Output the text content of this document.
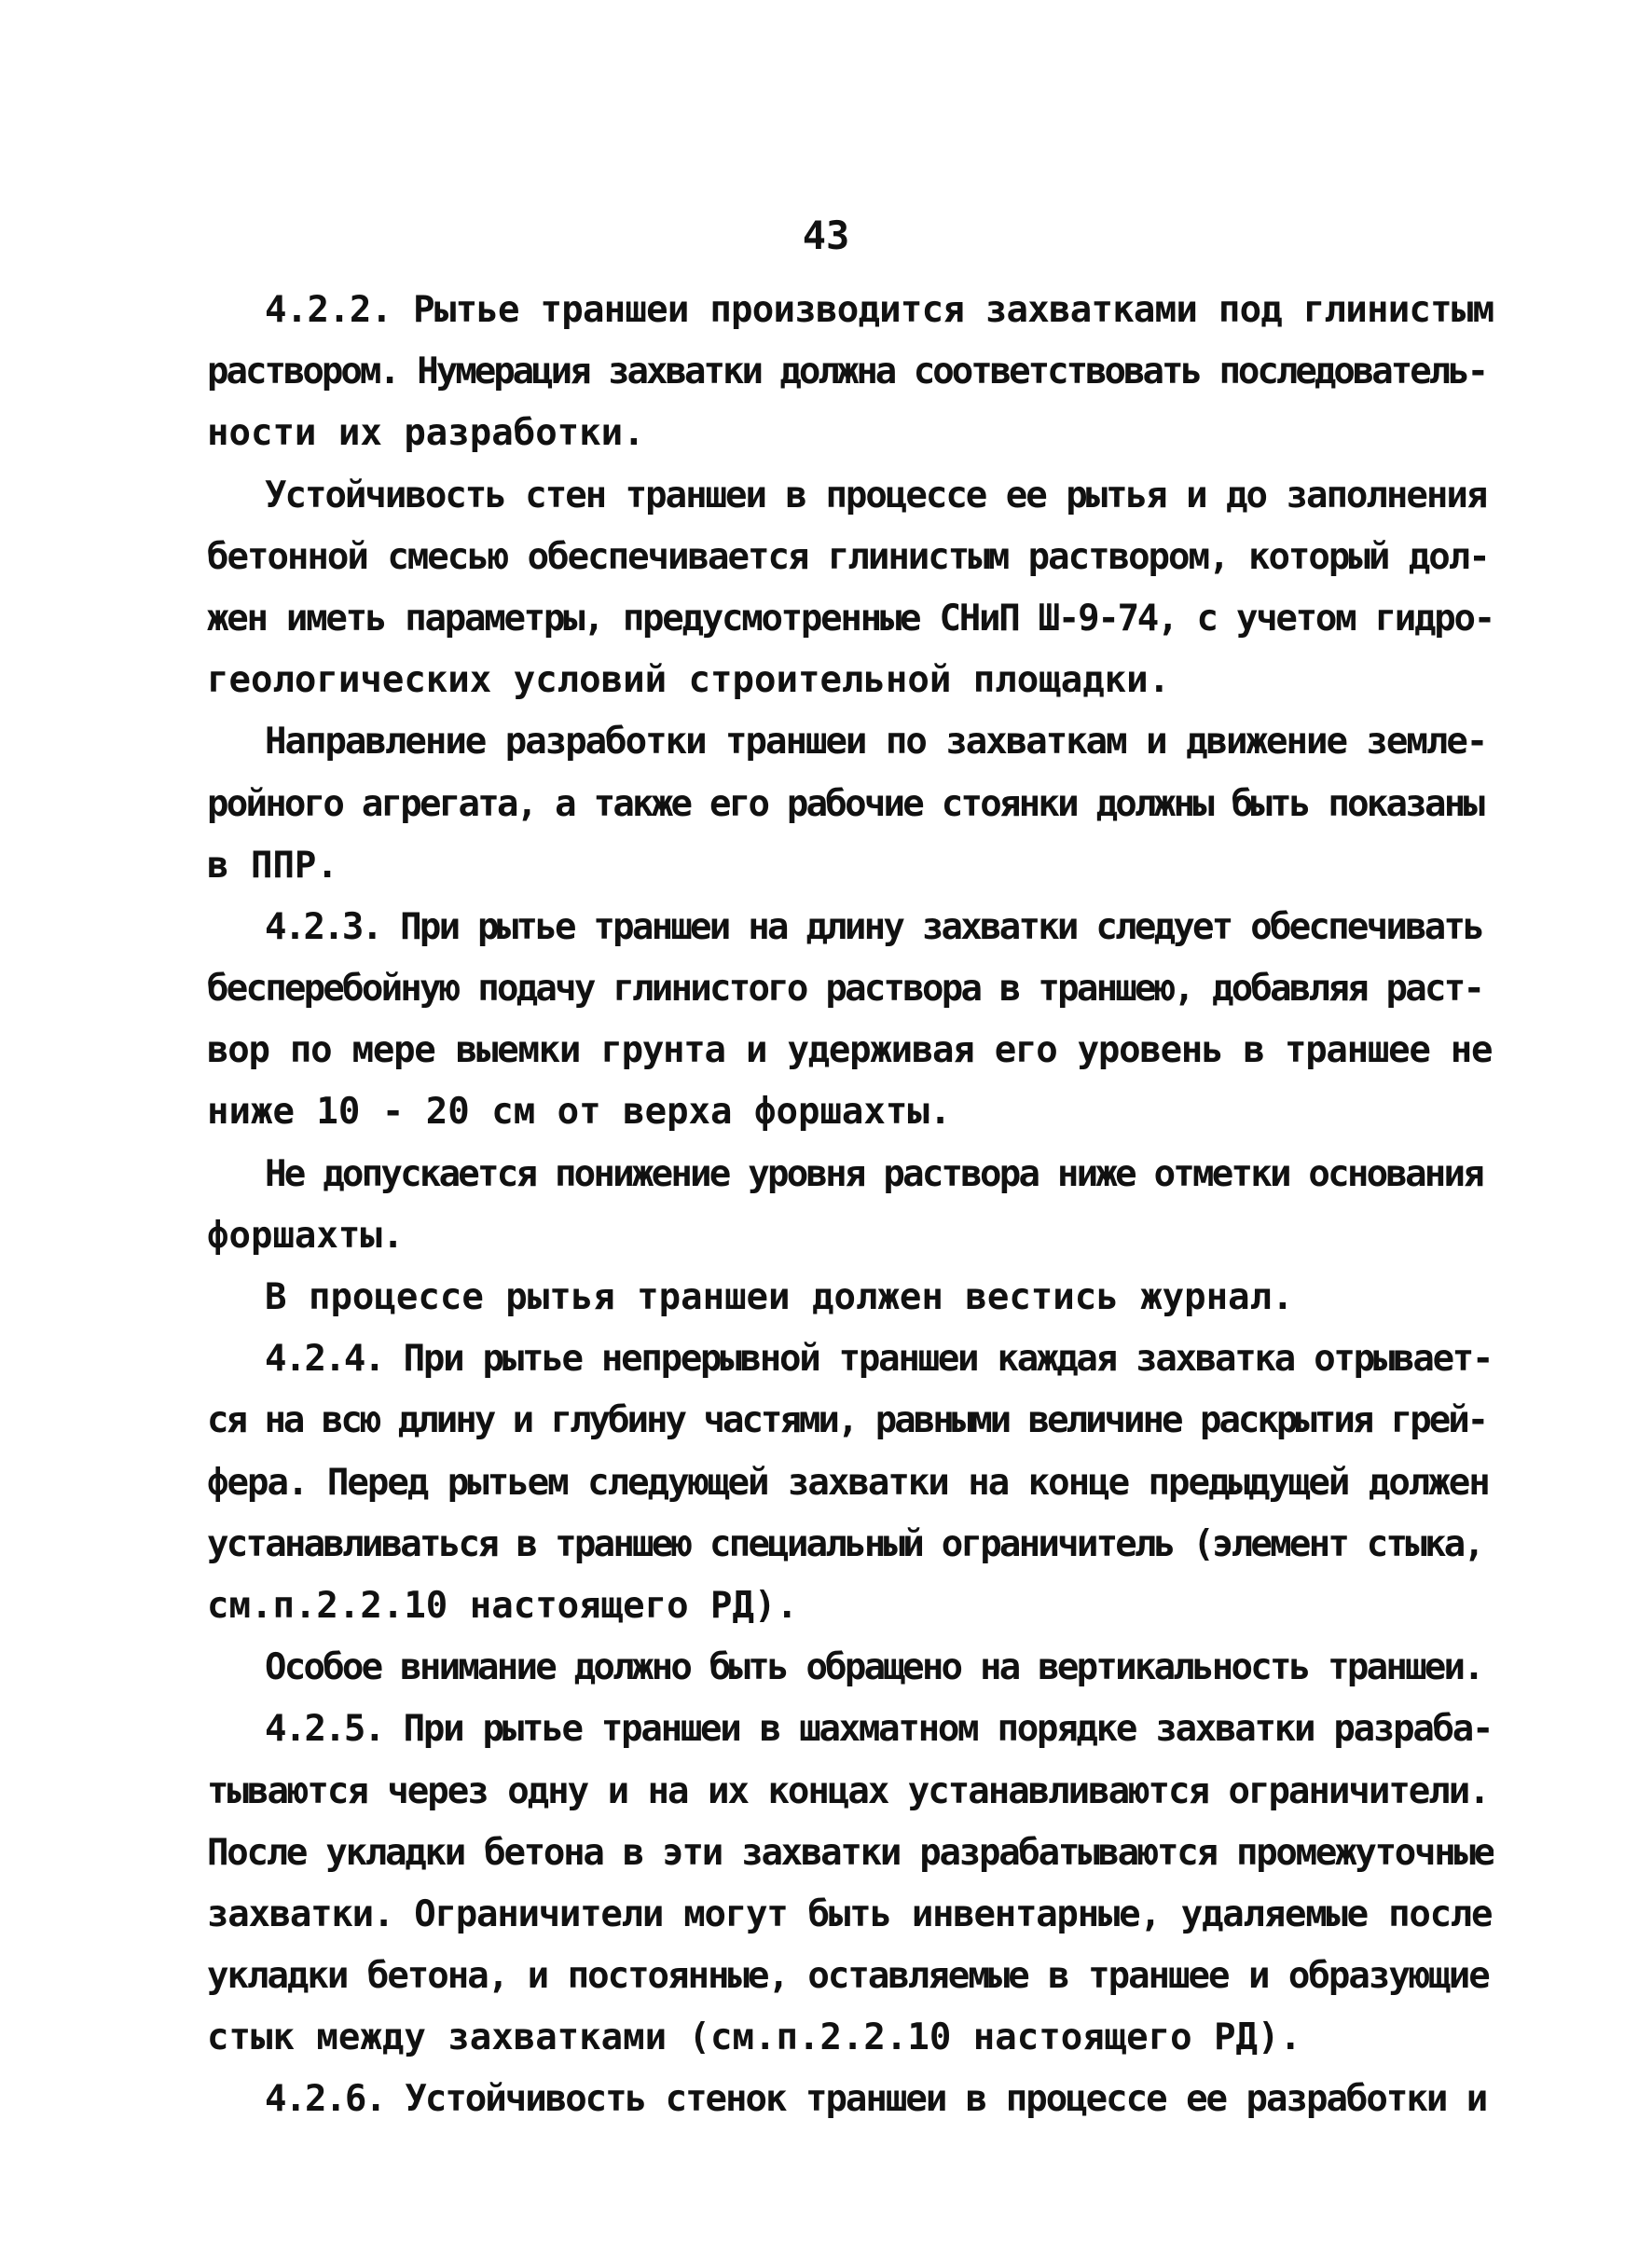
43
4.2.2. Рытье траншеи производится захватками под глинистым
раствором. Нумерация захватки должна соответствовать последователь-
ности их разработки.
Устойчивость стен траншеи в процессе ее рытья и до заполнения
бетонной смесью обеспечивается глинистым раствором, который дол-
жен иметь параметры, предусмотренные СНиП Ш-9-74, с учетом гидро-
геологических условий строительной площадки.
Направление разработки траншеи по захваткам и движение земле-
ройного агрегата, а также его рабочие стоянки должны быть показаны
в ППР.
4.2.3. При рытье траншеи на длину захватки следует обеспечивать
бесперебойную подачу глинистого раствора в траншею, добавляя раст-
вор по мере выемки грунта и удерживая его уровень в траншее не
ниже 10 - 20 см от верха форшахты.
Не допускается понижение уровня раствора ниже отметки основания
форшахты.
В процессе рытья траншеи должен вестись журнал.
4.2.4. При рытье непрерывной траншеи каждая захватка отрывает-
ся на всю длину и глубину частями, равными величине раскрытия грей-
фера. Перед рытьем следующей захватки на конце предыдущей должен
устанавливаться в траншею специальный ограничитель (элемент стыка,
см.п.2.2.10 настоящего РД).
Особое внимание должно быть обращено на вертикальность траншеи.
4.2.5. При рытье траншеи в шахматном порядке захватки разраба-
тываются через одну и на их концах устанавливаются ограничители.
После укладки бетона в эти захватки разрабатываются промежуточные
захватки. Ограничители могут быть инвентарные, удаляемые после
укладки бетона, и постоянные, оставляемые в траншее и образующие
стык между захватками (см.п.2.2.10 настоящего РД).
4.2.6. Устойчивость стенок траншеи в процессе ее разработки и
